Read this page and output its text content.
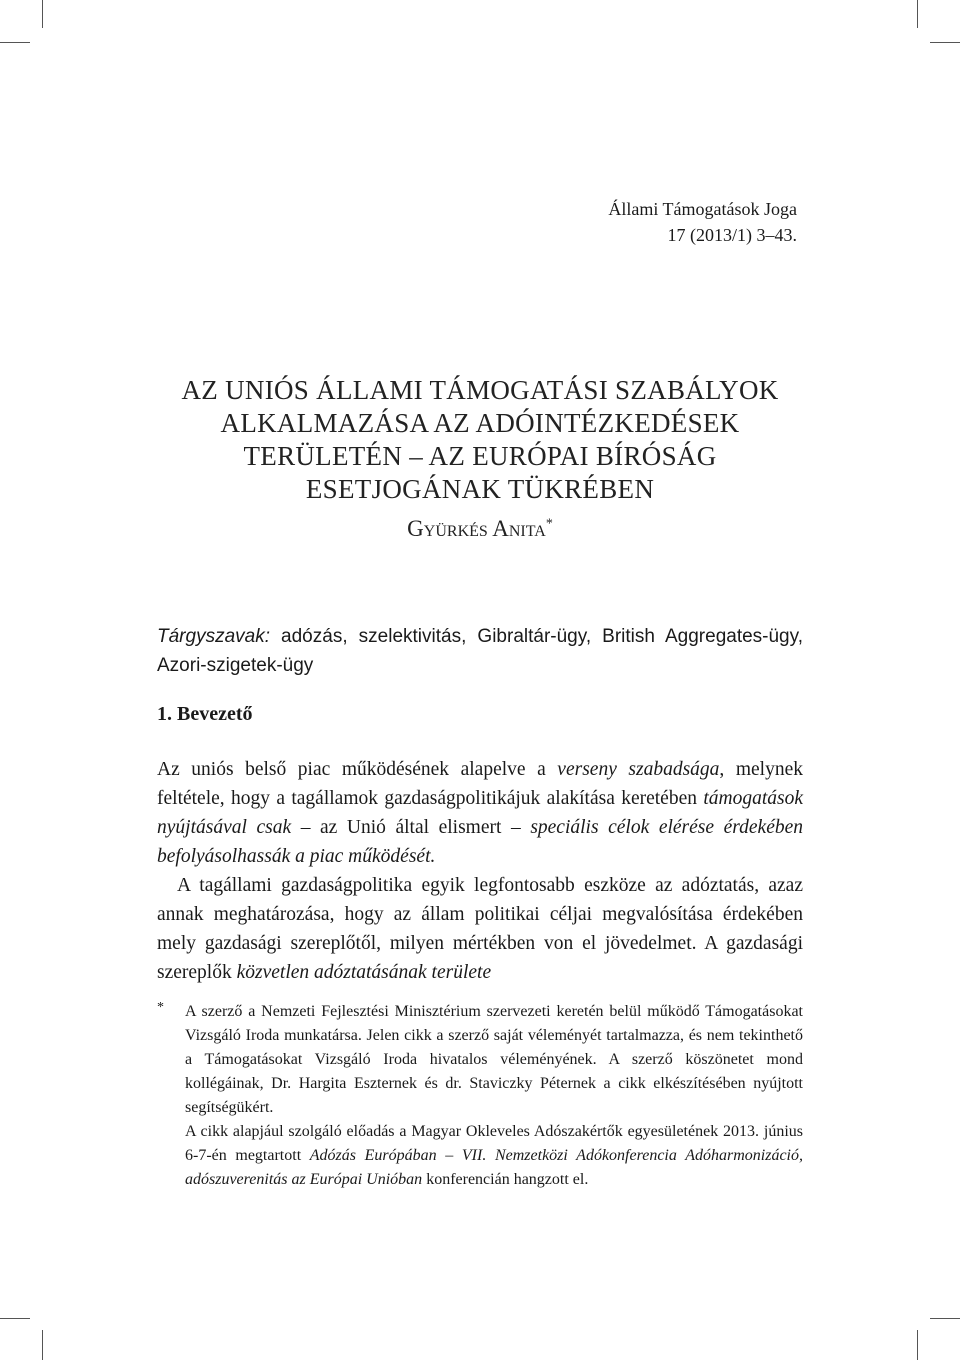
Állami Támogatások Joga
17 (2013/1) 3–43.
AZ UNIÓS ÁLLAMI TÁMOGATÁSI SZABÁLYOK
ALKALMAZÁSA AZ ADÓINTÉZKEDÉSEK
TERÜLETÉN – AZ EURÓPAI BÍRÓSÁG
ESETJOGÁNAK TÜKRÉBEN
Gyürkés Anita*
Tárgyszavak: adózás, szelektivitás, Gibraltár-ügy, British Aggregates-ügy, Azori-szigetek-ügy
1. Bevezető

Az uniós belső piac működésének alapelve a verseny szabadsága, melynek feltétele, hogy a tagállamok gazdaságpolitikájuk alakítása keretében támogatások nyújtásával csak – az Unió által elismert – speciális célok elérése érdekében befolyásolhassák a piac működését.

A tagállami gazdaságpolitika egyik legfontosabb eszköze az adóztatás, azaz annak meghatározása, hogy az állam politikai céljai megvalósítása érdekében mely gazdasági szereplőtől, milyen mértékben von el jövedelmet. A gazdasági szereplők közvetlen adóztatásának területe

* A szerző a Nemzeti Fejlesztési Minisztérium szervezeti keretén belül működő Támogatásokat Vizsgáló Iroda munkatársa. Jelen cikk a szerző saját véleményét tartalmazza, és nem tekinthető a Támogatásokat Vizsgáló Iroda hivatalos véleményének. A szerző köszönetet mond kollégáinak, Dr. Hargita Eszternek és dr. Staviczky Péternek a cikk elkészítésében nyújtott segítségükért.

A cikk alapjául szolgáló előadás a Magyar Okleveles Adószakértők egyesületének 2013. június 6-7-én megtartott Adózás Európában – VII. Nemzetközi Adókonferencia Adóharmonizáció, adószuverenitás az Európai Unióban konferencián hangzott el.
